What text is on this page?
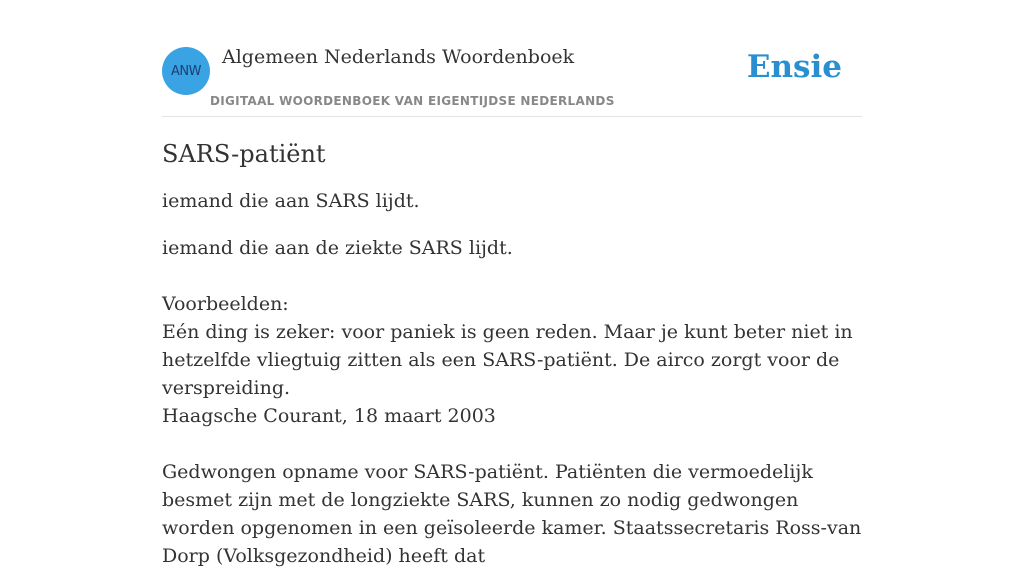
ANW
Algemeen Nederlands Woordenboek
DIGITAAL WOORDENBOEK VAN EIGENTIJDSE NEDERLANDS
Ensie
SARS-patiënt

iemand die aan SARS lijdt.

iemand die aan de ziekte SARS lijdt.

Voorbeelden:
Eén ding is zeker: voor paniek is geen reden. Maar je kunt beter niet in hetzelfde vliegtuig zitten als een SARS-patiënt. De airco zorgt voor de verspreiding.
Haagsche Courant, 18 maart 2003
Gedwongen opname voor SARS-patiënt. Patiënten die vermoedelijk besmet zijn met de longziekte SARS, kunnen zo nodig gedwongen worden opgenomen in een geïsoleerde kamer. Staatssecretaris Ross-van Dorp (Volksgezondheid) heeft dat
